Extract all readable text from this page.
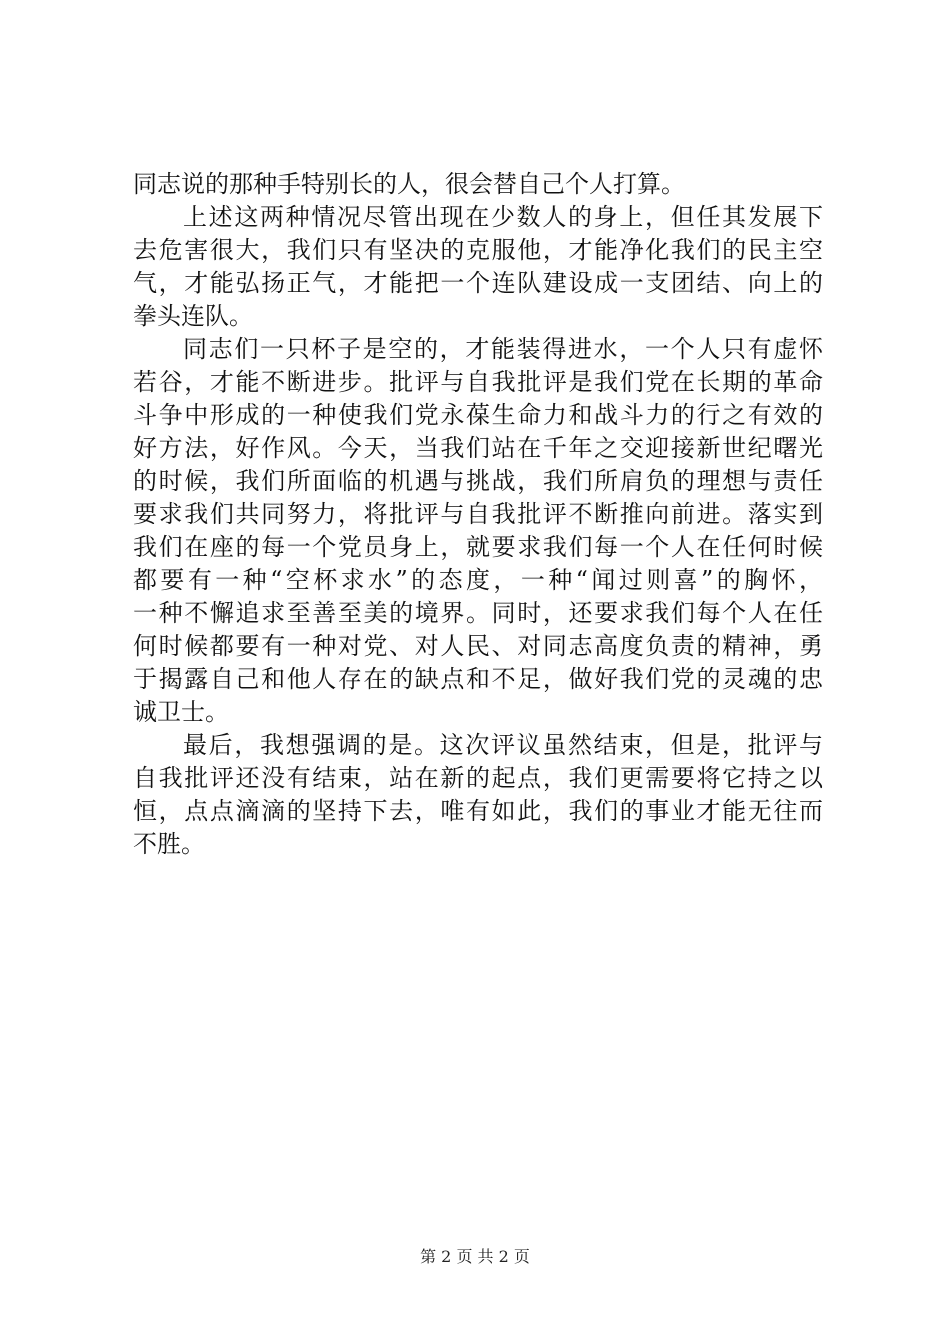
同志说的那种手特别长的人，很会替自己个人打算。
上述这两种情况尽管出现在少数人的身上，但任其发展下
去危害很大，我们只有坚决的克服他，才能净化我们的民主空
气，才能弘扬正气，才能把一个连队建设成一支团结、向上的
拳头连队。
同志们一只杯子是空的，才能装得进水，一个人只有虚怀
若谷，才能不断进步。批评与自我批评是我们党在长期的革命
斗争中形成的一种使我们党永葆生命力和战斗力的行之有效的
好方法，好作风。今天，当我们站在千年之交迎接新世纪曙光
的时候，我们所面临的机遇与挑战，我们所肩负的理想与责任
要求我们共同努力，将批评与自我批评不断推向前进。落实到
我们在座的每一个党员身上，就要求我们每一个人在任何时候
都要有一种“空杯求水”的态度，一种“闻过则喜”的胸怀，
一种不懈追求至善至美的境界。同时，还要求我们每个人在任
何时候都要有一种对党、对人民、对同志高度负责的精神，勇
于揭露自己和他人存在的缺点和不足，做好我们党的灵魂的忠
诚卫士。
最后，我想强调的是。这次评议虽然结束，但是，批评与
自我批评还没有结束，站在新的起点，我们更需要将它持之以
恒，点点滴滴的坚持下去，唯有如此，我们的事业才能无往而
不胜。
第 2 页 共 2 页
